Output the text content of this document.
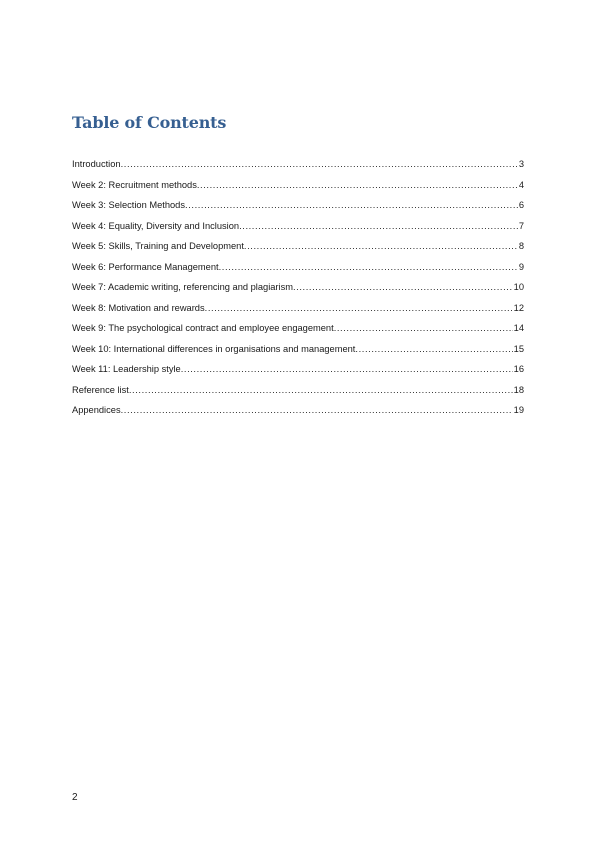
Table of Contents
Introduction .....	3
Week 2: Recruitment methods .....	4
Week 3: Selection Methods .....	6
Week 4: Equality, Diversity and Inclusion .....	7
Week 5: Skills, Training and Development .....	8
Week 6: Performance Management .....	9
Week 7: Academic writing, referencing and plagiarism .....	10
Week 8: Motivation and rewards .....	12
Week 9: The psychological contract and employee engagement .....	14
Week 10: International differences in organisations and management .....	15
Week 11: Leadership style .....	16
Reference list .....	18
Appendices .....	19
2
